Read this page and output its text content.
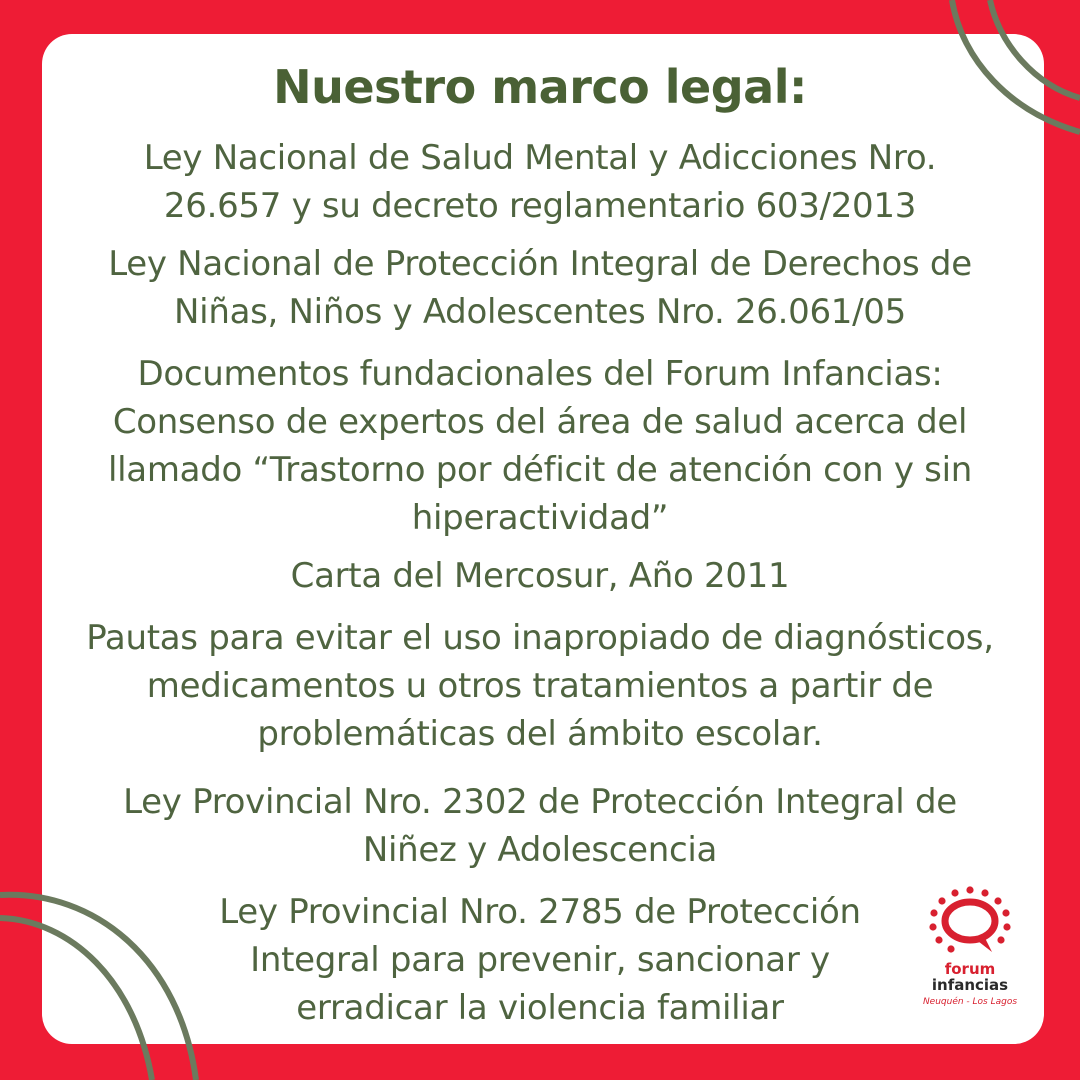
Nuestro marco legal:

Ley Nacional de Salud Mental y Adicciones Nro.
26.657 y su decreto reglamentario 603/2013

Ley Nacional de Protección Integral de Derechos de
Niñas, Niños y Adolescentes Nro. 26.061/05

Documentos fundacionales del Forum Infancias:
Consenso de expertos del área de salud acerca del
llamado “Trastorno por déficit de atención con y sin
hiperactividad”

Carta del Mercosur, Año 2011

Pautas para evitar el uso inapropiado de diagnósticos,
medicamentos u otros tratamientos a partir de
problemáticas del ámbito escolar.

Ley Provincial Nro. 2302 de Protección Integral de
Niñez y Adolescencia

Ley Provincial Nro. 2785 de Protección
Integral para prevenir, sancionar y
erradicar la violencia familiar

forum
infancias
Neuquén - Los Lagos
